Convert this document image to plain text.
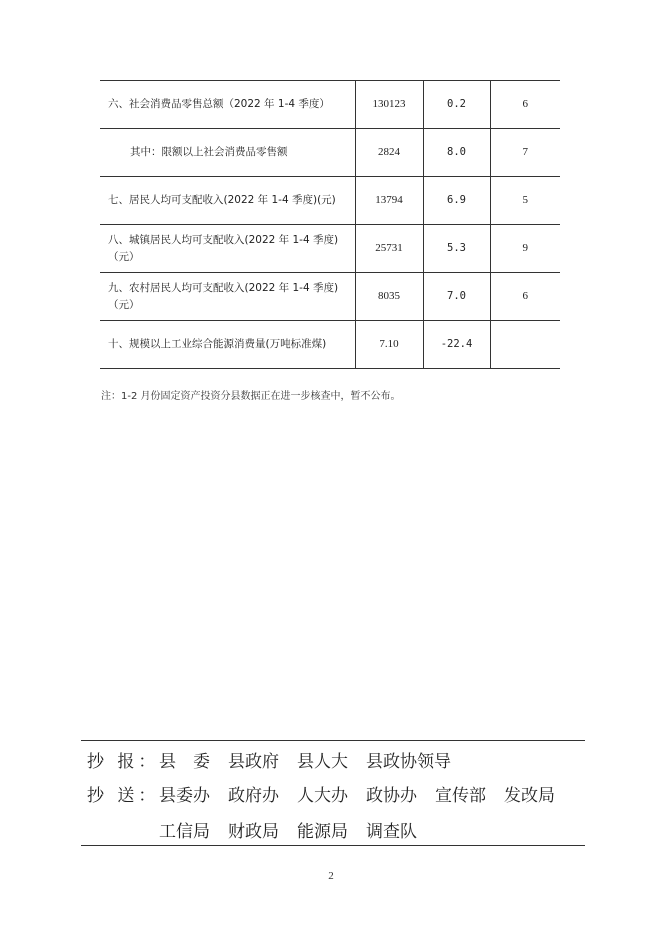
六、社会消费品零售总额（2022 年 1-4 季度）	130123	0.2	6
其中：限额以上社会消费品零售额	2824	8.0	7
七、居民人均可支配收入(2022 年 1-4 季度)(元)	13794	6.9	5
八、城镇居民人均可支配收入(2022 年 1-4 季度)（元）	25731	5.3	9
九、农村居民人均可支配收入(2022 年 1-4 季度)（元）	8035	7.0	6
十、规模以上工业综合能源消费量(万吨标准煤)	7.10	-22.4	
注：1-2 月份固定资产投资分县数据正在进一步核查中，暂不公布。
抄 报：县　委 县政府 县人大 县政协领导
抄 送：县委办 政府办 人大办 政协办 宣传部 发改局
工信局 财政局 能源局 调查队
2
